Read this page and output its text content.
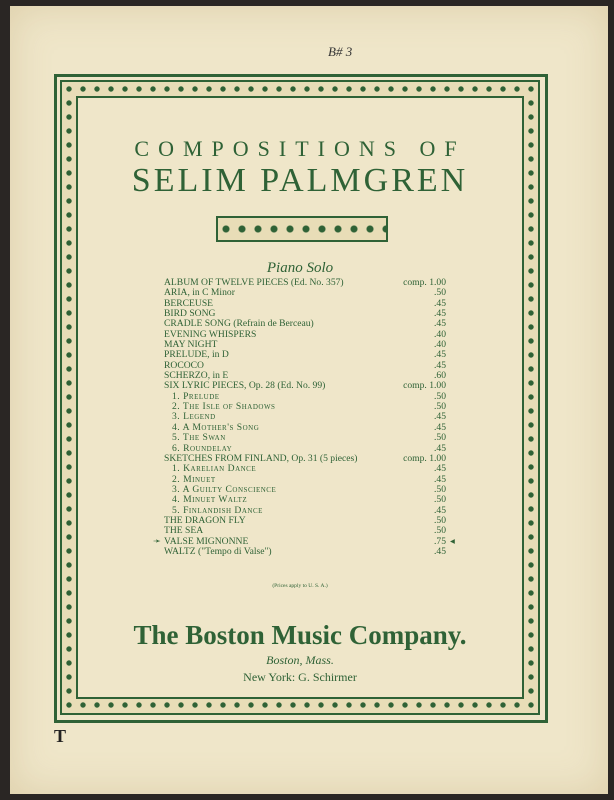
B# 3
COMPOSITIONS OF
SELIM PALMGREN
Piano Solo
ALBUM OF TWELVE PIECES (Ed. No. 357)	comp. 1.00
ARIA, in C Minor	.50
BERCEUSE	.45
BIRD SONG	.45
CRADLE SONG (Refrain de Berceau)	.45
EVENING WHISPERS	.40
MAY NIGHT	.40
PRELUDE, in D	.45
ROCOCO	.45
SCHERZO, in E	.60
SIX LYRIC PIECES, Op. 28 (Ed. No. 99)	comp. 1.00
1. Prelude	.50
2. The Isle of Shadows	.50
3. Legend	.45
4. A Mother's Song	.45
5. The Swan	.50
6. Roundelay	.45
SKETCHES FROM FINLAND, Op. 31 (5 pieces)	comp. 1.00
1. Karelian Dance	.45
2. Minuet	.45
3. A Guilty Conscience	.50
4. Minuet Waltz	.50
5. Finlandish Dance	.45
THE DRAGON FLY	.50
THE SEA	.50
➛ VALSE MIGNONNE	.75 ◂
WALTZ ("Tempo di Valse")	.45
(Prices apply to U. S. A.)
The Boston Music Company.
Boston, Mass.
New York: G. Schirmer
T
